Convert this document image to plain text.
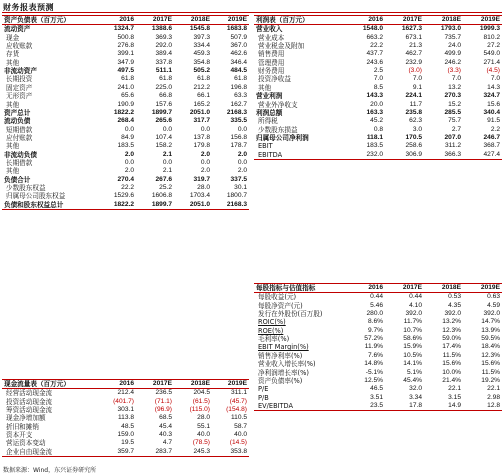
财务报表预测
资产负债表（百万元）	2016	2017E	2018E	2019E
流动资产	1324.7	1388.6	1545.8	1683.8
现金	500.8	369.3	397.3	507.9
应收账款	276.8	292.0	334.4	367.0
存货	399.1	389.4	459.3	462.6
其他	347.9	337.8	354.8	346.4
非流动资产	497.5	511.1	505.2	484.5
长期投资	61.8	61.8	61.8	61.8
固定资产	241.0	225.0	212.2	196.8
无形资产	65.6	66.8	66.1	63.3
其他	190.9	157.6	165.2	162.7
资产总计	1822.2	1899.7	2051.0	2168.3
流动负债	268.4	265.6	317.7	335.5
短期借款	0.0	0.0	0.0	0.0
应付账款	84.9	107.4	137.8	156.8
其他	183.5	158.2	179.8	178.7
非流动负债	2.0	2.1	2.0	2.0
长期借款	0.0	0.0	0.0	0.0
其他	2.0	2.1	2.0	2.0
负债合计	270.4	267.6	319.7	337.5
少数股东权益	22.2	25.2	28.0	30.1
归属母公司股东权益	1529.6	1606.8	1703.4	1800.7
负债和股东权益总计	1822.2	1899.7	2051.0	2168.3
现金流量表（百万元）	2016	2017E	2018E	2019E
经营活动现金流	212.4	236.5	204.5	311.1
投资活动现金流	(401.7)	(71.1)	(61.5)	(45.7)
筹资活动现金流	303.1	(96.9)	(115.0)	(154.8)
现金净增加额	113.8	68.5	28.0	110.5
折旧和摊销	48.5	45.4	55.1	58.7
资本开支	159.0	40.3	40.0	40.0
营运资本变动	19.5	4.7	(78.5)	(14.5)
企业自由现金流	359.7	283.7	245.3	353.8
利润表（百万元）	2016	2017E	2018E	2019E
营业收入	1548.0	1627.3	1793.0	1999.3
营业成本	663.2	673.1	735.7	810.2
营业税金及附加	22.2	21.3	24.0	27.2
销售费用	437.7	462.7	499.9	549.0
管理费用	243.6	232.9	246.2	271.4
财务费用	2.5	(3.0)	(3.3)	(4.5)
投资净收益	7.0	7.0	7.0	7.0
其他	8.5	9.1	13.2	14.3
营业利润	143.3	224.1	270.3	324.7
营业外净收支	20.0	11.7	15.2	15.6
利润总额	163.3	235.8	285.5	340.4
所得税	45.2	62.3	75.7	91.5
少数股东损益	0.8	3.0	2.7	2.2
归属母公司净利润	118.1	170.5	207.0	246.7
EBIT	183.5	258.6	311.2	368.7
EBITDA	232.0	306.9	366.3	427.4
每股指标与估值指标	2016	2017E	2018E	2019E
每股收益(元)	0.44	0.44	0.53	0.63
每股净资产(元)	5.46	4.10	4.35	4.59
发行在外股份(百万股)	280.0	392.0	392.0	392.0
ROIC(%)	8.6%	11.7%	13.2%	14.7%
ROE(%)	9.7%	10.7%	12.3%	13.9%
毛利率(%)	57.2%	58.6%	59.0%	59.5%
EBIT Margin(%)	11.9%	15.9%	17.4%	18.4%
销售净利率(%)	7.6%	10.5%	11.5%	12.3%
营业收入增长率(%)	14.8%	14.1%	15.6%	15.6%
净利润增长率(%)	-5.1%	5.1%	10.0%	11.5%
资产负债率(%)	12.5%	45.4%	21.4%	19.2%
P/E	46.5	32.0	22.1	22.1
P/B	3.51	3.34	3.15	2.98
EV/EBITDA	23.5	17.8	14.9	12.8
数据来源：Wind，东兴证券研究所
